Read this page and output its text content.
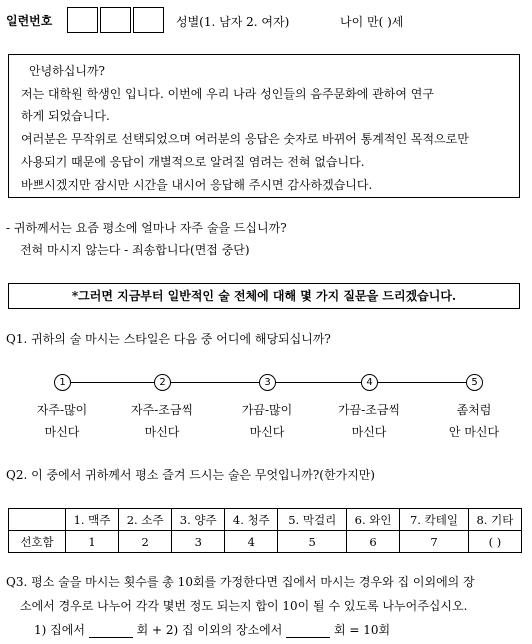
일련번호	성별(1. 남자 2. 여자)	나이 만( )세
안녕하십니까?
저는 대학원 학생인 입니다. 이번에 우리 나라 성인들의 음주문화에 관하여 연구
하게 되었습니다.
여러분은 무작위로 선택되었으며 여러분의 응답은 숫자로 바뀌어 통계적인 목적으로만
사용되기 때문에 응답이 개별적으로 알려질 염려는 전혀 없습니다.
바쁘시겠지만 잠시만 시간을 내시어 응답해 주시면 감사하겠습니다.
- 귀하께서는 요즘 평소에 얼마나 자주 술을 드십니까?
전혀 마시지 않는다 - 죄송합니다(면접 중단)
*그러면 지금부터 일반적인 술 전체에 대해 몇 가지 질문을 드리겠습니다.
Q1. 귀하의 술 마시는 스타일은 다음 중 어디에 해당되십니까?
1	2	3	4	5
자주-많이
마신다
자주-조금씩
마신다
가끔-많이
마신다
가끔-조금씩
마신다
좀처럼
안 마신다
Q2. 이 중에서 귀하께서 평소 즐겨 드시는 술은 무엇입니까?(한가지만)
	1. 맥주	2. 소주	3. 양주	4. 청주	5. 막걸리	6. 와인	7. 칵테일	8. 기타
선호함	1	2	3	4	5	6	7	( )
Q3. 평소 술을 마시는 횟수를 총 10회를 가정한다면 집에서 마시는 경우와 집 이외에의 장
소에서 경우로 나누어 각각 몇번 정도 되는지 합이 10이 될 수 있도록 나누어주십시오.
1) 집에서	회 + 2) 집 이외의 장소에서	회 = 10회
